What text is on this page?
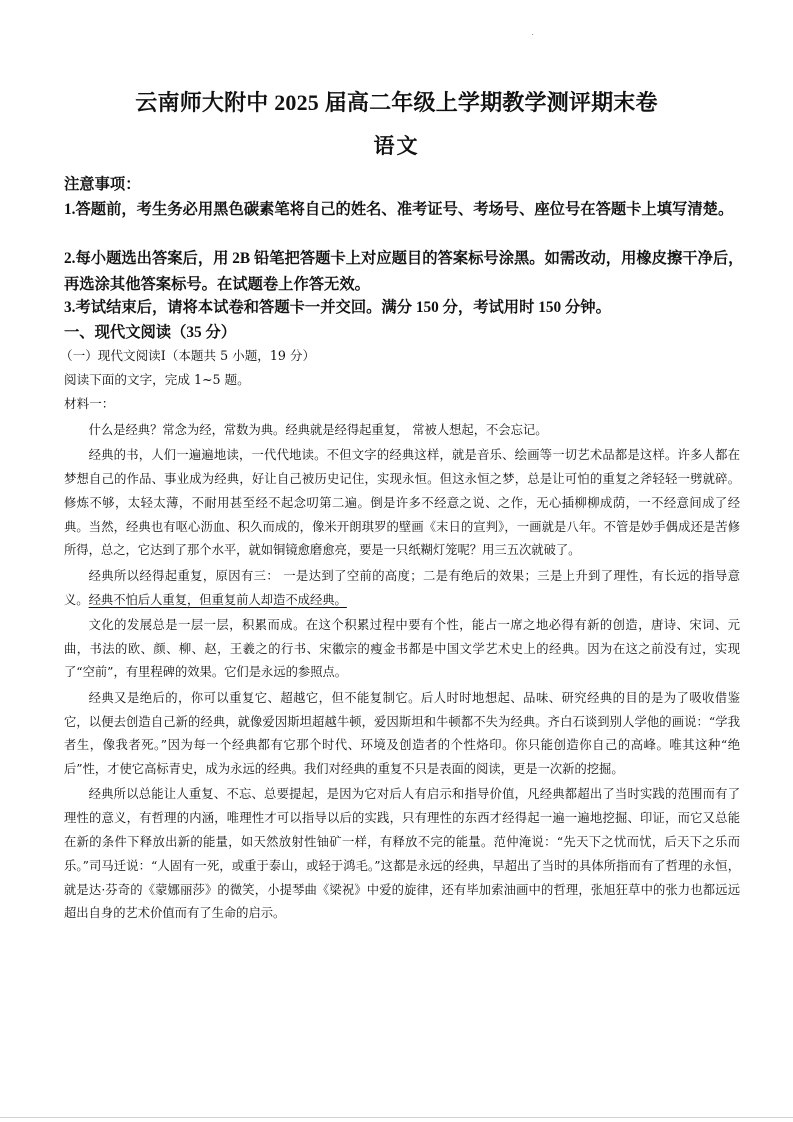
云南师大附中 2025 届高二年级上学期教学测评期末卷
语文
注意事项：
1.答题前，考生务必用黑色碳素笔将自己的姓名、准考证号、考场号、座位号在答题卡上填写清楚。
2.每小题选出答案后，用 2B 铅笔把答题卡上对应题目的答案标号涂黑。如需改动，用橡皮擦干净后，再选涂其他答案标号。在试题卷上作答无效。
3.考试结束后，请将本试卷和答题卡一并交回。满分 150 分，考试用时 150 分钟。
一、现代文阅读（35 分）
（一）现代文阅读Ⅰ（本题共 5 小题，19 分）
阅读下面的文字，完成 1~5 题。
材料一：

什么是经典？常念为经，常数为典。经典就是经得起重复， 常被人想起，不会忘记。

经典的书，人们一遍遍地读，一代代地读。不但文字的经典这样，就是音乐、绘画等一切艺术品都是这样。许多人都在梦想自己的作品、事业成为经典，好让自己被历史记住，实现永恒。但这永恒之梦，总是让可怕的重复之斧轻轻一劈就碎。修炼不够，太轻太薄，不耐用甚至经不起念叨第二遍。倒是许多不经意之说、之作，无心插柳柳成荫，一不经意间成了经典。当然，经典也有呕心沥血、积久而成的，像米开朗琪罗的壁画《末日的宣判》，一画就是八年。不管是妙手偶成还是苦修所得，总之，它达到了那个水平，就如铜镜愈磨愈亮，要是一只纸糊灯笼呢？用三五次就破了。

经典所以经得起重复，原因有三： 一是达到了空前的高度；二是有绝后的效果；三是上升到了理性，有长远的指导意义。经典不怕后人重复，但重复前人却造不成经典。

文化的发展总是一层一层，积累而成。在这个积累过程中要有个性，能占一席之地必得有新的创造，唐诗、宋词、元曲，书法的欧、颜、柳、赵，王羲之的行书、宋徽宗的瘦金书都是中国文学艺术史上的经典。因为在这之前没有过，实现了“空前”，有里程碑的效果。它们是永远的参照点。

经典又是绝后的，你可以重复它、超越它，但不能复制它。后人时时地想起、品味、研究经典的目的是为了吸收借鉴它，以便去创造自己新的经典，就像爱因斯坦超越牛顿，爱因斯坦和牛顿都不失为经典。齐白石谈到别人学他的画说：“学我者生，像我者死。”因为每一个经典都有它那个时代、环境及创造者的个性烙印。你只能创造你自己的高峰。唯其这种“绝后”性，才使它高标青史，成为永远的经典。我们对经典的重复不只是表面的阅读，更是一次新的挖掘。

经典所以总能让人重复、不忘、总要提起，是因为它对后人有启示和指导价值，凡经典都超出了当时实践的范围而有了理性的意义，有哲理的内涵，唯理性才可以指导以后的实践，只有理性的东西才经得起一遍一遍地挖掘、印证，而它又总能在新的条件下释放出新的能量，如天然放射性铀矿一样，有释放不完的能量。范仲淹说：“先天下之忧而忧，后天下之乐而乐。”司马迁说：“人固有一死，或重于泰山，或轻于鸿毛。”这都是永远的经典，早超出了当时的具体所指而有了哲理的永恒，就是达·芬奇的《蒙娜丽莎》的微笑，小提琴曲《梁祝》中爱的旋律，还有毕加索油画中的哲理，张旭狂草中的张力也都远远超出自身的艺术价值而有了生命的启示。
